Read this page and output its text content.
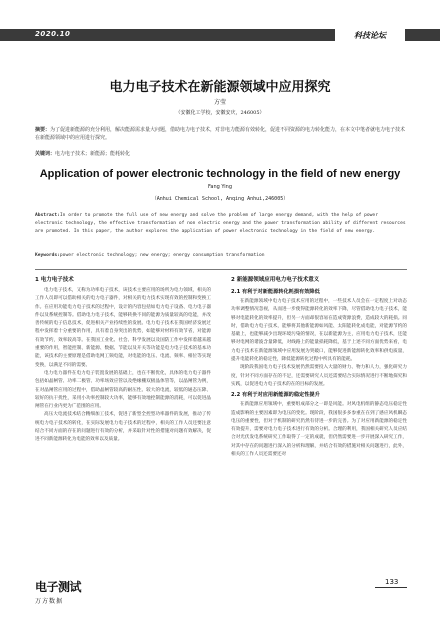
2020.10	科技论坛
电力电子技术在新能源领域中应用探究
方莹
（安徽化工学校，安徽安庆，246005）
摘要：为了促进新能源的充分利用，解决能源需求量大问题，借助电力电子技术，对非电力能源有效转化，促进不同资源的电力转化能力，在本文中笔者就电力电子技术在新能源领域中的应用进行探究。
关键词：电力电子技术；新能源；能耗转化
Application of power electronic technology in the field of new energy
Fang Ying
（Anhui Chemical School, Anqing Anhui,246005）
Abstract:In order to promote the full use of new energy and solve the problem of large energy demand, with the help of power electronic technology, the effective transformation of non electric energy and the power transformation ability of different resources are promoted. In this paper, the author explores the application of power electronic technology in the field of new energy.
Keywords:power electronic technology; new energy; energy consumption transformation
1 电力电子技术

电力电子技术，又称为功率电子技术，该技术主要应用的场所为电力领域，相关的工作人员即可以借助相关的电力电子器件，对相关的电力技术实现有效的控制和变换工作。在应用功能电力电子技术的过程中，设计的内容包括如电力电子设备、电力电子器件以及系统控制等。借助电力电子技术，能够转换不同的能源为质量较高的电能，并改善传统的电子信息技术，促进相关产业持续性的发展。电力电子技术在我国经济发展过程中发挥着十分重要的作用，具有着自身突出的优势，如能够对材料有效节省，对能源有效节约，效率较高等。在我国工业化、社会、科学发展以及国防工作中发挥着越来越重要的作用，智能控制、新能源、数据、节能以及开关等功能是电力电子技术的基本功能，该技术的主要原理是借助电网工频电能，对电能的电压、电流、频率、相位等实现变换，以满足不同的需要。

电力电力器件在电力电子装置发展的基础上，也在不断优化，具体的电力电子器件包括如晶闸管、功率二极管、功率场效应管以及绝缘栅双极晶体管等，以晶闸管为例，在对晶闸管应用的过程中，借助晶闸管较高的耐压性、较大的电流，较低的通态压降、较好的抗干扰性，采用小功率控制较大功率，能够有效地控制能源的消耗，可以促进晶闸管在行业内更为广范围的应用。

高压大电流技术结合精细加工技术，促进了新型全控型功率器件的发展，推动了传统电力电子技术的转化，在实际发展电力电子技术的过程中，相关的工作人员还要注意结合不同方面的存在的问题进行有效的分析，并采取针对性的措施对问题有效解决，促进不同新能源转化为电能的效率以及质量。

2 新能源领域应用电力电子技术意义
2.1 有利于对新能源转化耗损有效降低

在新能源领域中电力电子技术应用的过程中，一些技术人员会在一定程度上对动态功率调整情况忽视，从而进一步使得能源转化的效率下降，尽管借助电力电子技术，能够对电能转化的效率提升，但另一方面却很容易在造成资源浪费，造成较大的耗损。同时，借助电力电子技术，能够将其他新能源如风能、太阳能转化成电能，对能源节约的基础上，也能够减少出现环境污染的情况，在以新能源为主，应用电力电子技术，还能够对电网的谐波含量降低，对线路上的能量损耗降低，基于上述不同方面优势来看，电力电子技术在新能源领域中应用发展为突破口，能够促进新能源转化效率和供电质量，提升电能转化的稳定性，降低能源转化过程中所具有的能耗。

现阶段我国电力电子技术发展仍然需要投入大量的财力、物力和人力，强化研究力度，针对不同方面存在的不足，还需要研究人员还需要结合实际情况进行不断地探究和实践，以促进电力电子技术的在的目标的发展。

2.2 有利于对应用新能源的稳定性提升

在新能源应用领域中，重要组成部分之一即是风能。对风电机组的静态电压稳定性造成影响的主要因素即为电压的变化。现阶段，我国很多多参重在在到了感应风机瞬态电压的重要性，但对于机制的研究仍然有待进一步的完善。为了对应用新能源的稳定性有效提升，需要对电力电子技术进行有效的分析。合理的利用，我国相关研究人员应结合对光伏发电系统研究工作取得了一定的成就，但仍然需要进一步开展深入研究工作，对其中存在的问题进行深入的分析和理解，并结合有效的措施对相关问题进行，此外，相关的工作人员还需要还对

电子测试
万方数据
133
